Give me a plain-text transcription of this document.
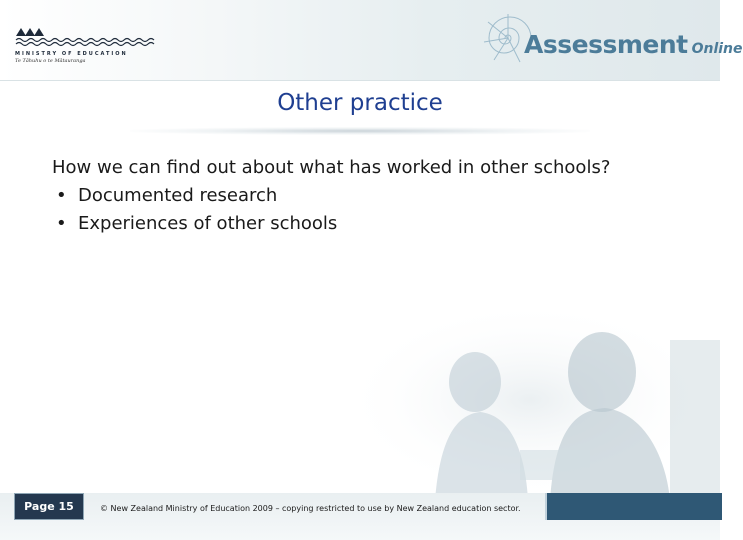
MINISTRY OF EDUCATION
Te Tāhuhu o te Mātauranga
Assessment Online
Other practice
How we can find out about what has worked in other schools?
• Documented research
• Experiences of other schools
Page 15	© New Zealand Ministry of Education 2009 – copying restricted to use by New Zealand education sector.
